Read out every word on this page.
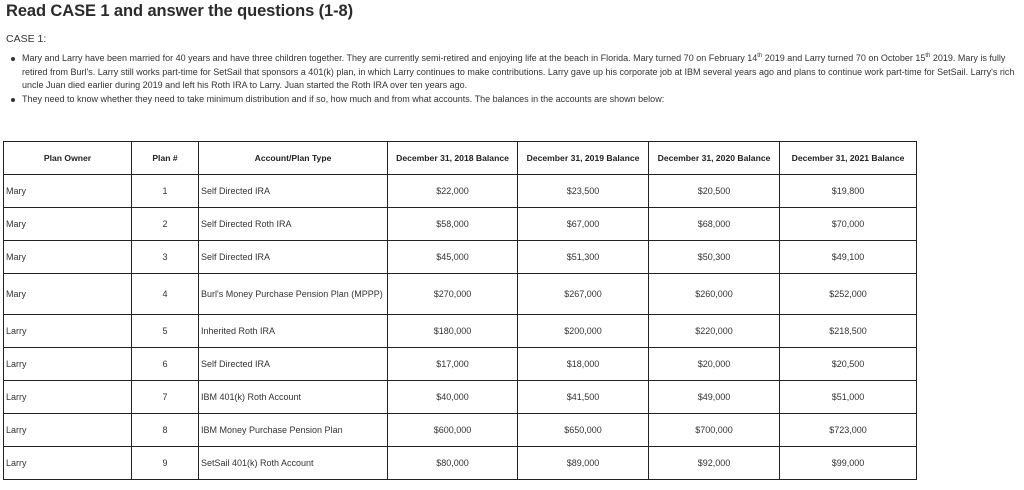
Read CASE 1 and answer the questions (1-8)
CASE 1:
Mary and Larry have been married for 40 years and have three children together. They are currently semi-retired and enjoying life at the beach in Florida. Mary turned 70 on February 14th 2019 and Larry turned 70 on October 15th 2019. Mary is fully retired from Burl's. Larry still works part-time for SetSail that sponsors a 401(k) plan, in which Larry continues to make contributions. Larry gave up his corporate job at IBM several years ago and plans to continue work part-time for SetSail. Larry's rich uncle Juan died earlier during 2019 and left his Roth IRA to Larry. Juan started the Roth IRA over ten years ago.
They need to know whether they need to take minimum distribution and if so, how much and from what accounts. The balances in the accounts are shown below:
Plan Owner	Plan #	Account/Plan Type	December 31, 2018 Balance	December 31, 2019 Balance	December 31, 2020 Balance	December 31, 2021 Balance
Mary	1	Self Directed IRA	$22,000	$23,500	$20,500	$19,800
Mary	2	Self Directed Roth IRA	$58,000	$67,000	$68,000	$70,000
Mary	3	Self Directed IRA	$45,000	$51,300	$50,300	$49,100
Mary	4	Burl's Money Purchase Pension Plan (MPPP)	$270,000	$267,000	$260,000	$252,000
Larry	5	Inherited Roth IRA	$180,000	$200,000	$220,000	$218,500
Larry	6	Self Directed IRA	$17,000	$18,000	$20,000	$20,500
Larry	7	IBM 401(k) Roth Account	$40,000	$41,500	$49,000	$51,000
Larry	8	IBM Money Purchase Pension Plan	$600,000	$650,000	$700,000	$723,000
Larry	9	SetSail 401(k) Roth Account	$80,000	$89,000	$92,000	$99,000
